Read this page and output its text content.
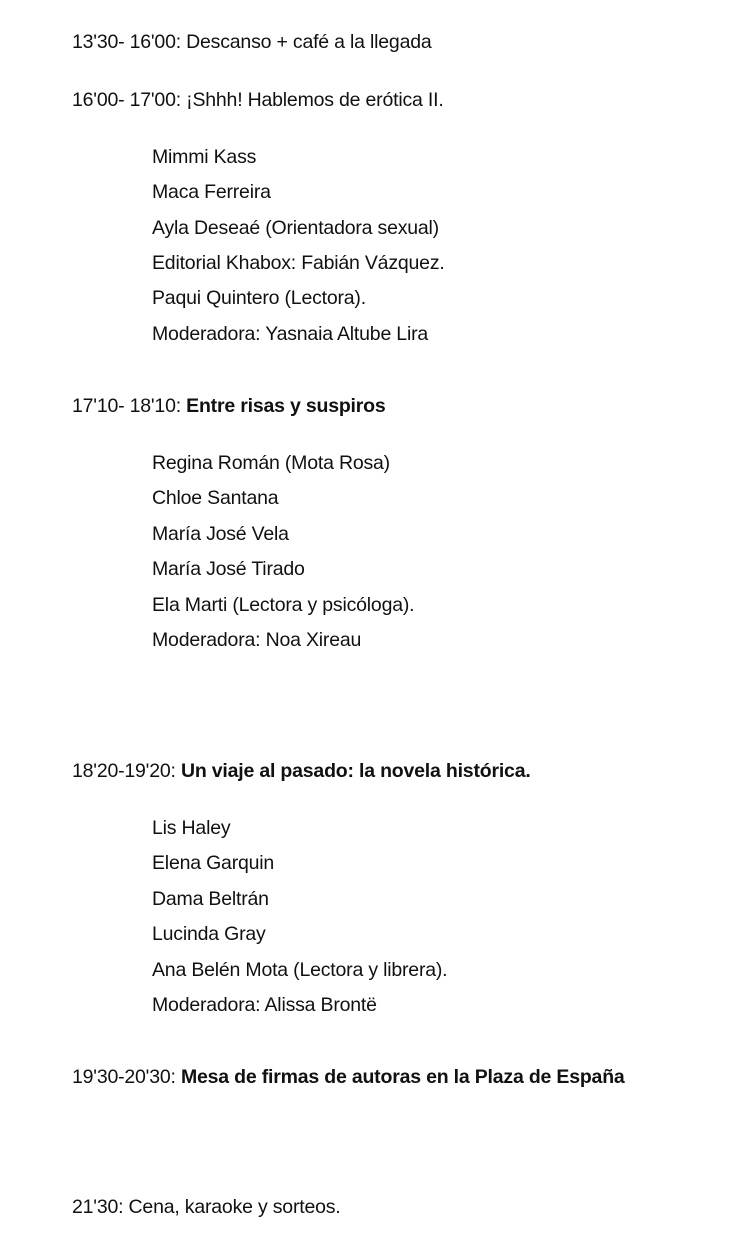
13'30- 16'00: Descanso + café a la llegada
16'00- 17'00: ¡Shhh! Hablemos de erótica II.
Mimmi Kass
Maca Ferreira
Ayla Deseaé (Orientadora sexual)
Editorial Khabox: Fabián Vázquez.
Paqui Quintero (Lectora).
Moderadora: Yasnaia Altube Lira
17'10- 18'10: Entre risas y suspiros
Regina Román (Mota Rosa)
Chloe Santana
María José Vela
María José Tirado
Ela Marti (Lectora y psicóloga).
Moderadora: Noa Xireau
18'20-19'20: Un viaje al pasado: la novela histórica.
Lis Haley
Elena Garquin
Dama Beltrán
Lucinda Gray
Ana Belén Mota (Lectora y librera).
Moderadora: Alissa Brontë
19'30-20'30: Mesa de firmas de autoras en la Plaza de España
21'30: Cena, karaoke y sorteos.
